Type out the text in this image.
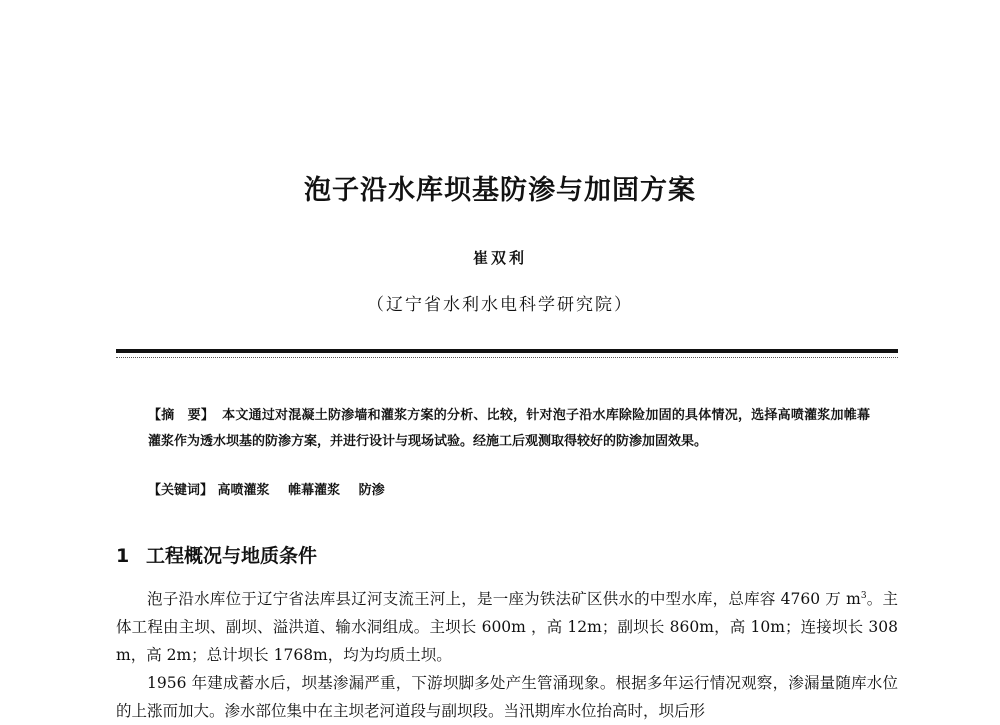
泡子沿水库坝基防渗与加固方案
崔双利
（辽宁省水利水电科学研究院）
【摘　要】 本文通过对混凝土防渗墙和灌浆方案的分析、比较，针对泡子沿水库除险加固的具体情况，选择高喷灌浆加帷幕灌浆作为透水坝基的防渗方案，并进行设计与现场试验。经施工后观测取得较好的防渗加固效果。
【关键词】 高喷灌浆 帷幕灌浆 防渗
1 工程概况与地质条件

泡子沿水库位于辽宁省法库县辽河支流王河上，是一座为铁法矿区供水的中型水库，总库容 4760 万 $m^3$。主体工程由主坝、副坝、溢洪道、输水洞组成。主坝长 600m ，高 12m；副坝长 860m，高 10m；连接坝长 308 m，高 2m；总计坝长 1768m，均为均质土坝。

1956 年建成蓄水后，坝基渗漏严重，下游坝脚多处产生管涌现象。根据多年运行情况观察，渗漏量随库水位的上涨而加大。渗水部位集中在主坝老河道段与副坝段。当汛期库水位抬高时，坝后形
